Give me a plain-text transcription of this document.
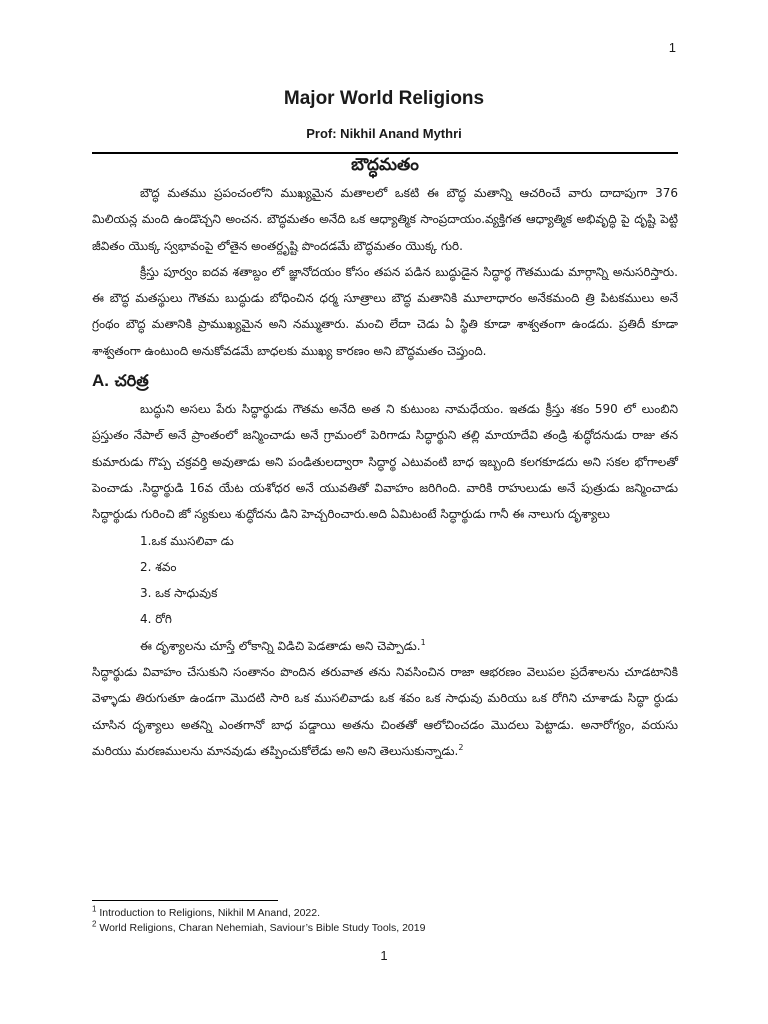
1
Major World Religions
Prof: Nikhil Anand Mythri
బౌద్ధమతం

బౌద్ధ మతము ప్రపంచంలోని ముఖ్యమైన మతాలలో ఒకటి ఈ బౌద్ధ మతాన్ని ఆచరించే వారు దాదాపుగా 376 మిలియన్ల మంది ఉండొచ్చని అంచన. బౌద్ధమతం అనేది ఒక ఆధ్యాత్మిక సాంప్రదాయం.వ్యక్తిగత ఆధ్యాత్మిక అభివృద్ధి పై దృష్టి పెట్టి జీవితం యొక్క స్వభావంపై లోతైన అంతర్దృష్టి పొందడమే బౌద్ధమతం యొక్క గురి.

క్రీస్తు పూర్వం ఐదవ శతాబ్దం లో జ్ఞానోదయం కోసం తపన పడిన బుద్ధుడైన సిద్ధార్థ గౌతముడు మార్గాన్ని అనుసరిస్తారు. ఈ బౌద్ధ మతస్థులు గౌతమ బుద్ధుడు బోధించిన ధర్మ సూత్రాలు బౌద్ధ మతానికి మూలాధారం అనేకమంది త్రి పిటకములు అనే గ్రంథం బౌద్ధ మతానికి ప్రాముఖ్యమైన అని నమ్ముతారు. మంచి లేదా చెడు ఏ స్థితి కూడా శాశ్వతంగా ఉండదు. ప్రతిదీ కూడా శాశ్వతంగా ఉంటుంది అనుకోవడమే బాధలకు ముఖ్య కారణం అని బౌద్ధమతం చెప్తుంది.

A. చరిత్ర

బుద్ధుని అసలు పేరు సిద్ధార్థుడు గౌతమ అనేది అత ని కుటుంబ నామధేయం. ఇతడు క్రీస్తు శకం 590 లో లుంబిని ప్రస్తుతం నేపాల్ అనే ప్రాంతంలో జన్మించాడు అనే గ్రామంలో పెరిగాడు సిద్ధార్థుని తల్లి మాయాదేవి తండ్రి శుద్ధోదనుడు రాజు తన కుమారుడు గొప్ప చక్రవర్తి అవుతాడు అని పండితులద్వారా సిద్ధార్థ ఎటువంటి బాధ ఇబ్బంది కలగకూడదు అని సకల భోగాలతో పెంచాడు .సిద్ధార్థుడి 16వ యేట యశోధర అనే యువతితో వివాహం జరిగింది. వారికి రాహులుడు అనే పుత్రుడు జన్మించాడు సిద్ధార్థుడు గురించి జో స్యకులు శుద్ధోదను డిని హెచ్చరించారు.అది ఏమిటంటే సిద్ధార్థుడు గానీ ఈ నాలుగు దృశ్యాలు

1.ఒక ముసలివా డు
2. శవం
3. ఒక సాధువుక
4. రోగి

ఈ దృశ్యాలను చూస్తే లోకాన్ని విడిచి పెడతాడు అని చెప్పాడు.$^1$

సిద్ధార్థుడు వివాహం చేసుకుని సంతానం పొందిన తరువాత తను నివసించిన రాజా ఆభరణం వెలుపల ప్రదేశాలను చూడటానికి వెళ్ళాడు తిరుగుతూ ఉండగా మొదటి సారి ఒక ముసలివాడు ఒక శవం ఒక సాధువు మరియు ఒక రోగిని చూశాడు సిద్ధా ర్ధుడు చూసిన దృశ్యాలు అతన్ని ఎంతగానో బాధ పడ్డాయి అతను చింతతో ఆలోచించడం మొదలు పెట్టాడు. అనారోగ్యం, వయసు మరియు మరణములను మానవుడు తప్పించుకోలేడు అని అని తెలుసుకున్నాడు.$^2$

$^1$ Introduction to Religions, Nikhil M Anand, 2022.
$^2$ World Religions, Charan Nehemiah, Saviour’s Bible Study Tools, 2019
1
